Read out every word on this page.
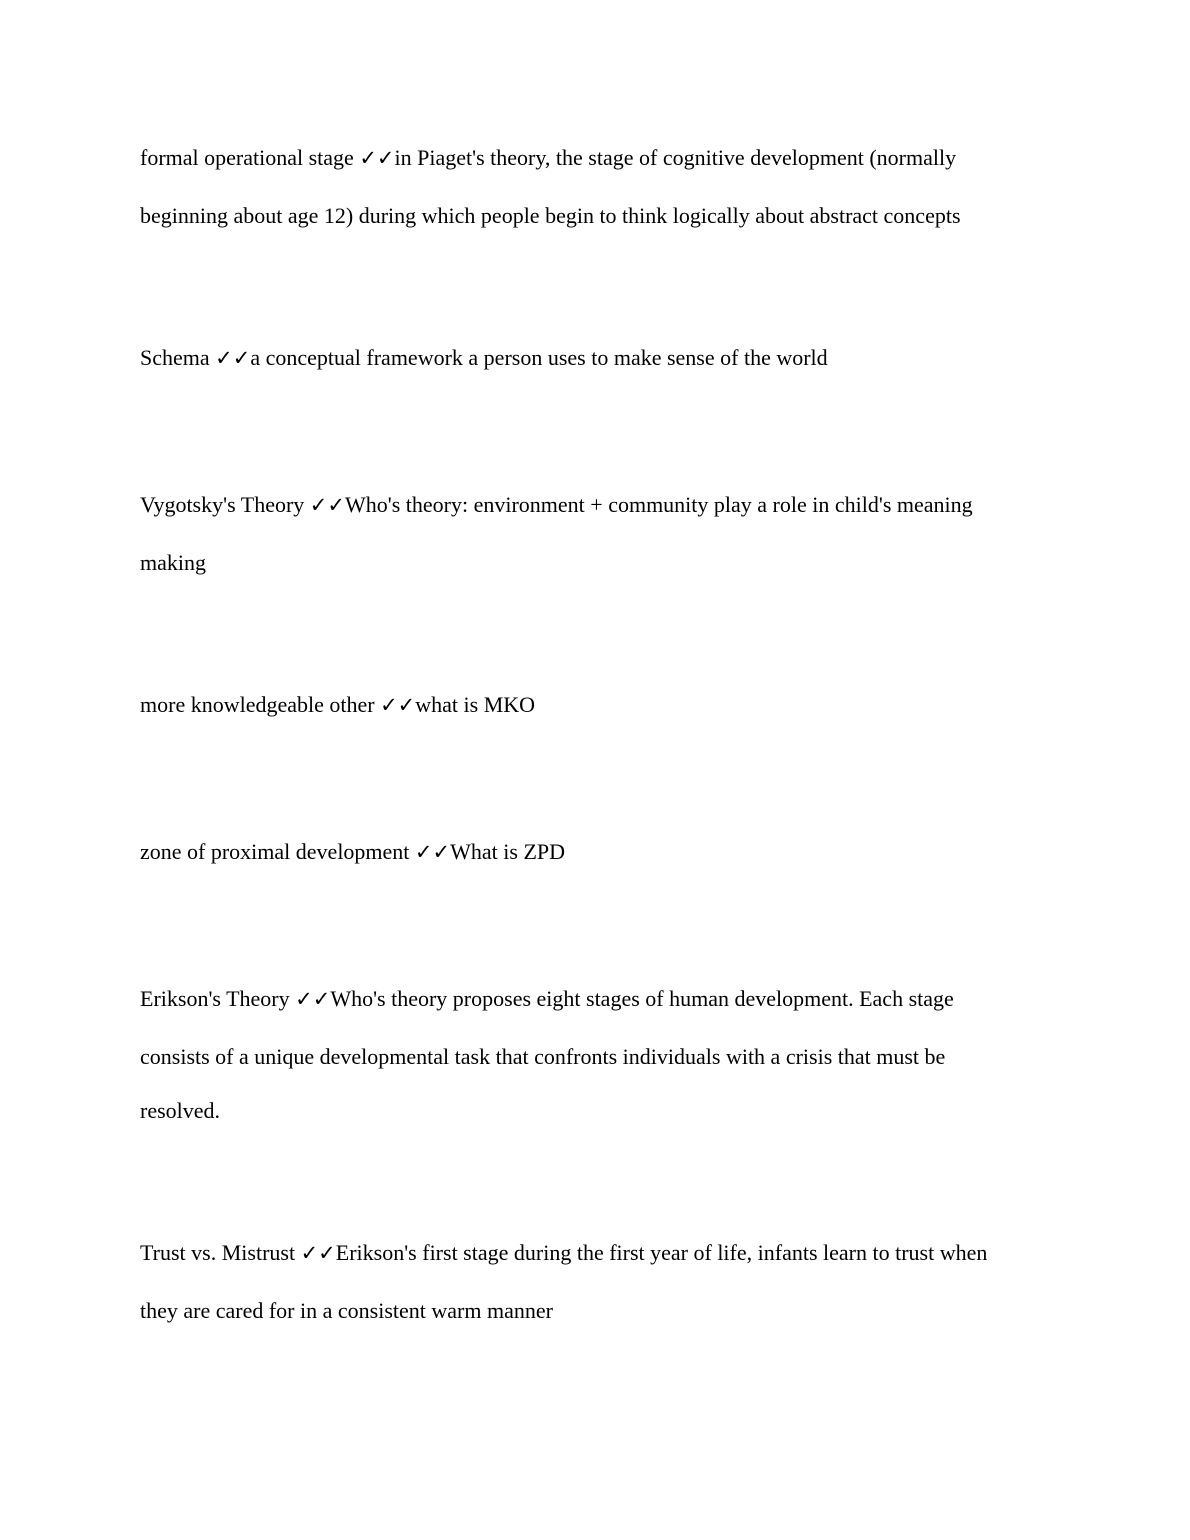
formal operational stage ✓✓in Piaget's theory, the stage of cognitive development (normally
beginning about age 12) during which people begin to think logically about abstract concepts
Schema ✓✓a conceptual framework a person uses to make sense of the world
Vygotsky's Theory ✓✓Who's theory: environment + community play a role in child's meaning
making
more knowledgeable other ✓✓what is MKO
zone of proximal development ✓✓What is ZPD
Erikson's Theory ✓✓Who's theory proposes eight stages of human development. Each stage
consists of a unique developmental task that confronts individuals with a crisis that must be
resolved.
Trust vs. Mistrust ✓✓Erikson's first stage during the first year of life, infants learn to trust when
they are cared for in a consistent warm manner
